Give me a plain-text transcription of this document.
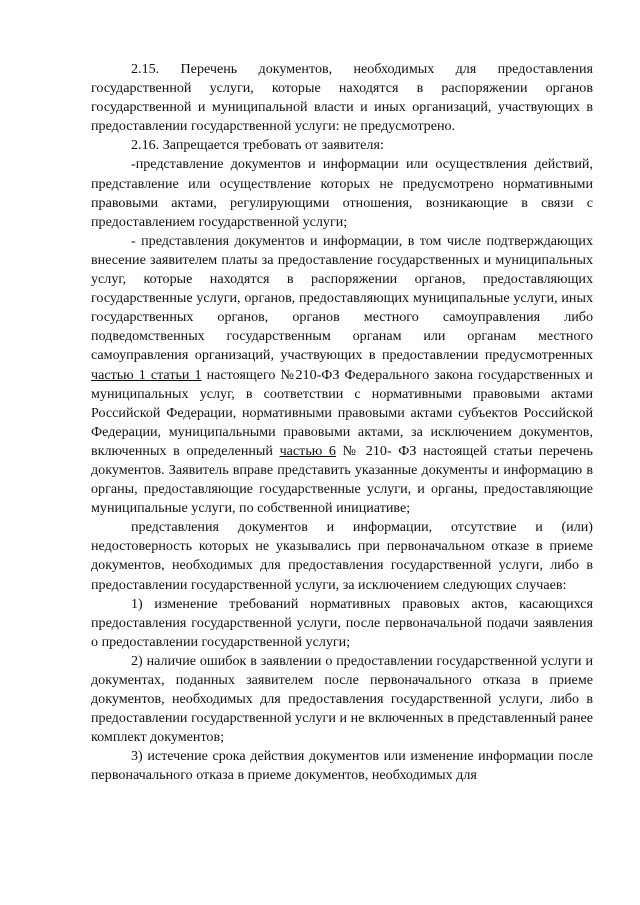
2.15. Перечень документов, необходимых для предоставления государственной услуги, которые находятся в распоряжении органов государственной и муниципальной власти и иных организаций, участвующих в предоставлении государственной услуги: не предусмотрено.

2.16. Запрещается требовать от заявителя:

-представление документов и информации или осуществления действий, представление или осуществление которых не предусмотрено нормативными правовыми актами, регулирующими отношения, возникающие в связи с предоставлением государственной услуги;

- представления документов и информации, в том числе подтверждающих внесение заявителем платы за предоставление государственных и муниципальных услуг, которые находятся в распоряжении органов, предоставляющих государственные услуги, органов, предоставляющих муниципальные услуги, иных государственных органов, органов местного самоуправления либо подведомственных государственным органам или органам местного самоуправления организаций, участвующих в предоставлении предусмотренных частью 1 статьи 1 настоящего №210-ФЗ Федерального закона государственных и муниципальных услуг, в соответствии с нормативными правовыми актами Российской Федерации, нормативными правовыми актами субъектов Российской Федерации, муниципальными правовыми актами, за исключением документов, включенных в определенный частью 6 № 210- ФЗ настоящей статьи перечень документов. Заявитель вправе представить указанные документы и информацию в органы, предоставляющие государственные услуги, и органы, предоставляющие муниципальные услуги, по собственной инициативе;

представления документов и информации, отсутствие и (или) недостоверность которых не указывались при первоначальном отказе в приеме документов, необходимых для предоставления государственной услуги, либо в предоставлении государственной услуги, за исключением следующих случаев:

1) изменение требований нормативных правовых актов, касающихся предоставления государственной услуги, после первоначальной подачи заявления о предоставлении государственной услуги;

2) наличие ошибок в заявлении о предоставлении государственной услуги и документах, поданных заявителем после первоначального отказа в приеме документов, необходимых для предоставления государственной услуги, либо в предоставлении государственной услуги и не включенных в представленный ранее комплект документов;

3) истечение срока действия документов или изменение информации после первоначального отказа в приеме документов, необходимых для
